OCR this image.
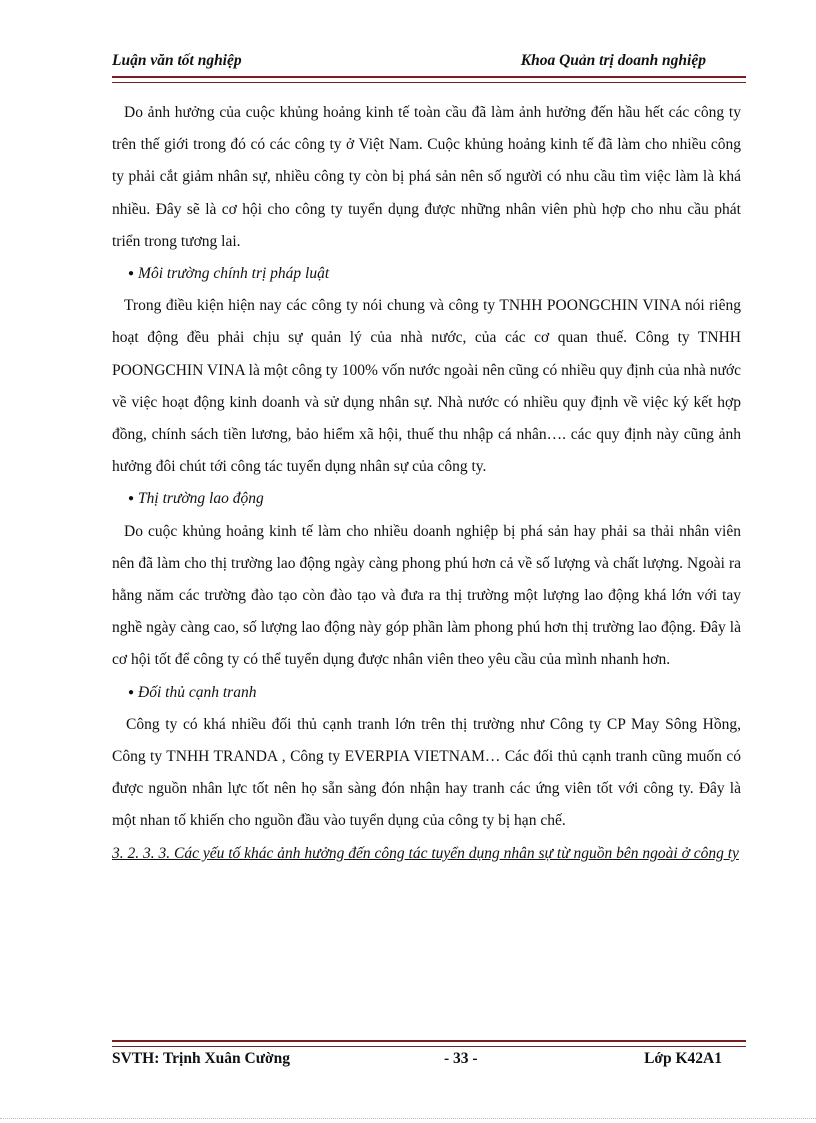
Luận văn tốt nghiệp	Khoa Quản trị doanh nghiệp

Do ảnh hưởng của cuộc khủng hoảng kinh tế toàn cầu đã làm ảnh hưởng đến hầu hết các công ty trên thế giới trong đó có các công ty ở Việt Nam. Cuộc khủng hoảng kinh tế đã làm cho nhiều công ty phải cắt giảm nhân sự, nhiều công ty còn bị phá sản nên số người có nhu cầu tìm việc làm là khá nhiều. Đây sẽ là cơ hội cho công ty tuyển dụng được những nhân viên phù hợp cho nhu cầu phát triển trong tương lai.

● Môi trường chính trị pháp luật

Trong điều kiện hiện nay các công ty nói chung và công ty TNHH POONGCHIN VINA nói riêng hoạt động đều phải chịu sự quản lý của nhà nước, của các cơ quan thuế. Công ty TNHH POONGCHIN VINA là một công ty 100% vốn nước ngoài nên cũng có nhiều quy định của nhà nước về việc hoạt động kinh doanh và sử dụng nhân sự. Nhà nước có nhiều quy định về việc ký kết hợp đồng, chính sách tiền lương, bảo hiểm xã hội, thuế thu nhập cá nhân…. các quy định này cũng ảnh hưởng đôi chút tới công tác tuyển dụng nhân sự của công ty.

● Thị trường lao động

Do cuộc khủng hoảng kinh tế làm cho nhiều doanh nghiệp bị phá sản hay phải sa thải nhân viên nên đã làm cho thị trường lao động ngày càng phong phú hơn cả về số lượng và chất lượng. Ngoài ra hằng năm các trường đào tạo còn đào tạo và đưa ra thị trường một lượng lao động khá lớn với tay nghề ngày càng cao, số lượng lao động này góp phần làm phong phú hơn thị trường lao động. Đây là cơ hội tốt để công ty có thể tuyển dụng được nhân viên theo yêu cầu của mình nhanh hơn.

● Đối thủ cạnh tranh

Công ty có khá nhiều đối thủ cạnh tranh lớn trên thị trường như Công ty CP May Sông Hồng, Công ty TNHH TRANDA , Công ty EVERPIA VIETNAM… Các đối thủ cạnh tranh cũng muốn có được nguồn nhân lực tốt nên họ sẵn sàng đón nhận hay tranh các ứng viên tốt với công ty. Đây là một nhan tố khiến cho nguồn đầu vào tuyển dụng của công ty bị hạn chế.

3. 2. 3. 3. Các yếu tố khác ảnh hưởng đến công tác tuyển dụng nhân sự từ nguồn bên ngoài ở công ty

SVTH: Trịnh Xuân Cường	- 33 -	Lớp K42A1
